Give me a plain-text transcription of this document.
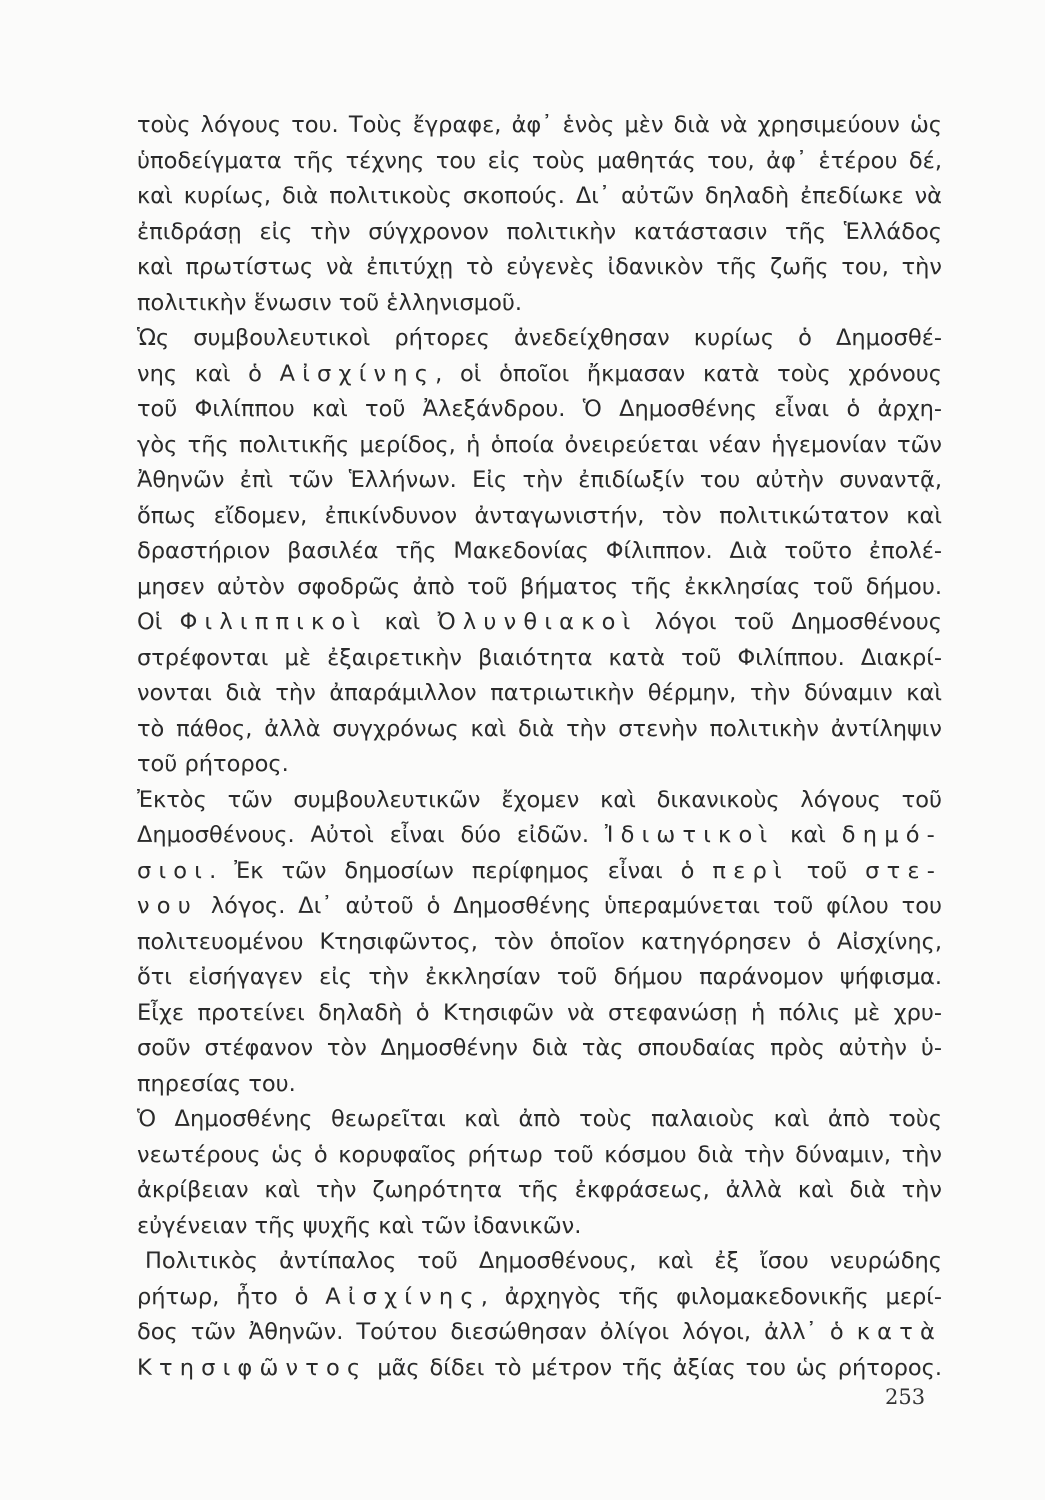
τοὺς λόγους του. Τοὺς ἔγραφε, ἀφ᾽ ἑνὸς μὲν διὰ νὰ χρησιμεύουν ὡς
ὑποδείγματα τῆς τέχνης του εἰς τοὺς μαθητάς του, ἀφ᾽ ἑτέρου δέ,
καὶ κυρίως, διὰ πολιτικοὺς σκοπούς. Δι᾽ αὐτῶν δηλαδὴ ἐπεδίωκε νὰ
ἐπιδράσῃ εἰς τὴν σύγχρονον πολιτικὴν κατάστασιν τῆς Ἑλλάδος
καὶ πρωτίστως νὰ ἐπιτύχῃ τὸ εὐγενὲς ἰδανικὸν τῆς ζωῆς του, τὴν
πολιτικὴν ἕνωσιν τοῦ ἑλληνισμοῦ.
Ὡς συμβουλευτικοὶ ρήτορες ἀνεδείχθησαν κυρίως ὁ Δημοσθέ-
νης καὶ ὁ Αἰσχίνης, οἱ ὁποῖοι ἤκμασαν κατὰ τοὺς χρόνους
τοῦ Φιλίππου καὶ τοῦ Ἀλεξάνδρου. Ὁ Δημοσθένης εἶναι ὁ ἀρχη-
γὸς τῆς πολιτικῆς μερίδος, ἡ ὁποία ὀνειρεύεται νέαν ἡγεμονίαν τῶν
Ἀθηνῶν ἐπὶ τῶν Ἑλλήνων. Εἰς τὴν ἐπιδίωξίν του αὐτὴν συναντᾷ,
ὅπως εἴδομεν, ἐπικίνδυνον ἀνταγωνιστήν, τὸν πολιτικώτατον καὶ
δραστήριον βασιλέα τῆς Μακεδονίας Φίλιππον. Διὰ τοῦτο ἐπολέ-
μησεν αὐτὸν σφοδρῶς ἀπὸ τοῦ βήματος τῆς ἐκκλησίας τοῦ δήμου.
Οἱ Φιλιππικοὶ καὶ Ὀλυνθιακοὶ λόγοι τοῦ Δημοσθένους
στρέφονται μὲ ἐξαιρετικὴν βιαιότητα κατὰ τοῦ Φιλίππου. Διακρί-
νονται διὰ τὴν ἀπαράμιλλον πατριωτικὴν θέρμην, τὴν δύναμιν καὶ
τὸ πάθος, ἀλλὰ συγχρόνως καὶ διὰ τὴν στενὴν πολιτικὴν ἀντίληψιν
τοῦ ρήτορος.
Ἐκτὸς τῶν συμβουλευτικῶν ἔχομεν καὶ δικανικοὺς λόγους τοῦ
Δημοσθένους. Αὐτοὶ εἶναι δύο εἰδῶν. Ἰδιωτικοὶ καὶ δημό-
σιοι. Ἐκ τῶν δημοσίων περίφημος εἶναι ὁ περὶ τοῦ στε-
νου λόγος. Δι᾽ αὐτοῦ ὁ Δημοσθένης ὑπεραμύνεται τοῦ φίλου του
πολιτευομένου Κτησιφῶντος, τὸν ὁποῖον κατηγόρησεν ὁ Αἰσχίνης,
ὅτι εἰσήγαγεν εἰς τὴν ἐκκλησίαν τοῦ δήμου παράνομον ψήφισμα.
Εἶχε προτείνει δηλαδὴ ὁ Κτησιφῶν νὰ στεφανώσῃ ἡ πόλις μὲ χρυ-
σοῦν στέφανον τὸν Δημοσθένην διὰ τὰς σπουδαίας πρὸς αὐτὴν ὑ-
πηρεσίας του.
Ὁ Δημοσθένης θεωρεῖται καὶ ἀπὸ τοὺς παλαιοὺς καὶ ἀπὸ τοὺς
νεωτέρους ὡς ὁ κορυφαῖος ρήτωρ τοῦ κόσμου διὰ τὴν δύναμιν, τὴν
ἀκρίβειαν καὶ τὴν ζωηρότητα τῆς ἐκφράσεως, ἀλλὰ καὶ διὰ τὴν
εὐγένειαν τῆς ψυχῆς καὶ τῶν ἰδανικῶν.
Πολιτικὸς ἀντίπαλος τοῦ Δημοσθένους, καὶ ἐξ ἴσου νευρώδης
ρήτωρ, ἦτο ὁ Αἰσχίνης, ἀρχηγὸς τῆς φιλομακεδονικῆς μερί-
δος τῶν Ἀθηνῶν. Τούτου διεσώθησαν ὀλίγοι λόγοι, ἀλλ᾽ ὁ κατὰ
Κτησιφῶντος μᾶς δίδει τὸ μέτρον τῆς ἀξίας του ὡς ρήτορος.
253
